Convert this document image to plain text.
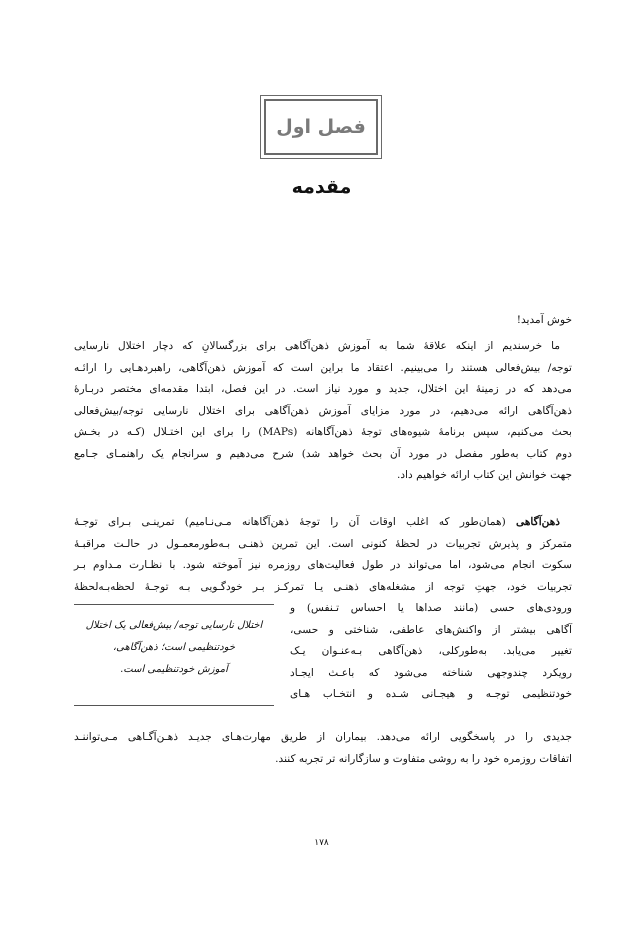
فصل اول
مقدمه
خوش آمدید!
ما خرسندیم از اینکه علاقهٔ شما به آموزش ذهن‌آگاهی برای بزرگسالانِ که دچار اختلال نارسایی
توجه/ بیش‌فعالی هستند را می‌بینیم. اعتقاد ما براین است که آموزش ذهن‌آگاهی، راهبردهـایی را ارائـه
می‌دهد که در زمینهٔ این اختلال، جدید و مورد نیاز است. در این فصل، ابتدا مقدمه‌ای مختصر دربـارهٔ
ذهن‌آگاهی ارائه می‌دهیم، در مورد مزایای آموزش ذهن‌آگاهی برای اختلال نارسایی توجه/بیش‌فعالی
بحث می‌کنیم، سپس برنامهٔ شیوه‌های توجهٔ ذهن‌آگاهانه (MAPs) را برای این اختـلال (کـه در بخـش
دوم کتاب به‌طور مفصل در مورد آن بحث خواهد شد) شرح می‌دهیم و سرانجام یک راهنمـای جـامع
جهت خوانش این کتاب ارائه خواهیم داد.
ذهن‌آگاهی (همان‌طور که اغلب اوقات آن را توجهٔ ذهن‌آگاهانه مـی‌نـامیم) تمرینـی بـرای توجـهٔ
متمرکز و پذیرش تجربیات در لحظهٔ کنونی است. این تمرین ذهنـی بـه‌طورمعمـول در حالـت مراقبـهٔ
سکوت انجام می‌شود، اما می‌تواند در طول فعالیت‌های روزمره نیز آموخته شود. با نظـارت مـداوم بـر
تجربیات خود، جهتِ توجه از مشغله‌های ذهنـی یـا تمرکـز بـر خودگـویی بـه توجـهٔ لحظه‌بـه‌لحظهٔ
ورودی‌های حسی (مانند صداها یا احساس تـنفس) و
آگاهی بیشتر از واکنش‌های عاطفی، شناختی و حسی،
تغییر می‌یابد. به‌طورکلی، ذهن‌آگاهی بـه‌عنـوان یـک
رویکرد چندوجهی شناخته می‌شود که باعـث ایجـاد
خودتنظیمی توجـه و هیجـانی شـده و انتخـاب هـای
اختلال نارسایی توجه/ بیش‌فعالی یک اختلال
خودتنظیمی است؛ ذهن‌آگاهی،
آموزش خودتنظیمی است.
جدیدی را در پاسخگویی ارائه می‌دهد. بیماران از طریق مهارت‌هـای جدیـد ذهـن‌آگـاهی مـی‌تواننـد
اتفاقات روزمره خود را به روشی متفاوت و سازگارانه تر تجربه کنند.
۱۷۸
